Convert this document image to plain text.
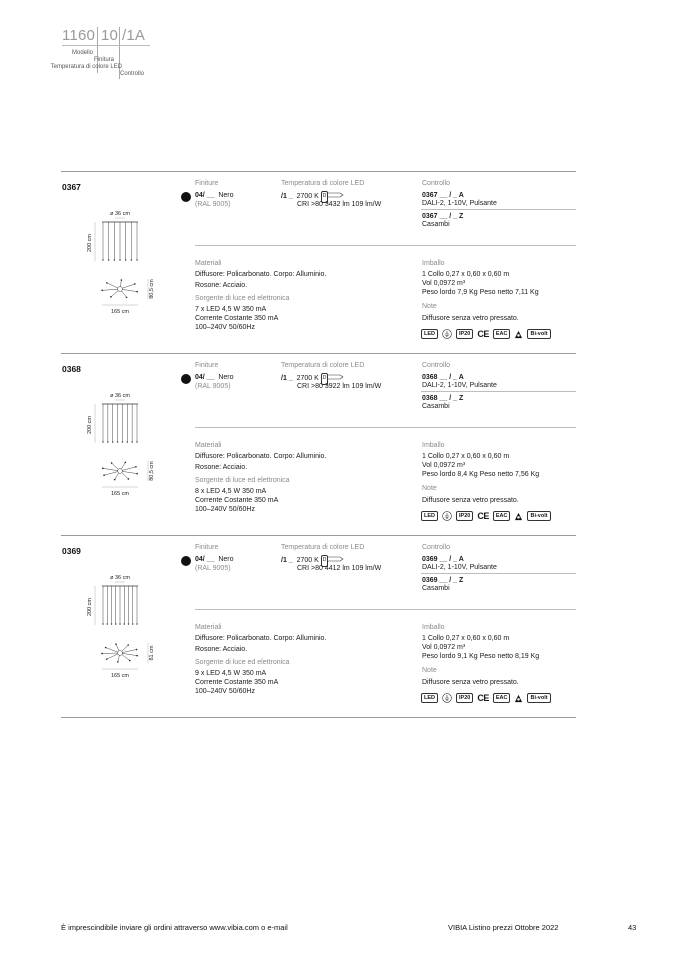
1160 10 /1A
Modello
Finitura
Temperatura di colore LED
Controllo
0367
ø 36 cm
200 cm
80,5 cm
165 cm
Finiture
04/ __ Nero
(RAL 9005)
Temperatura di colore LED
/1 _ 2700 K D
CRI >80 3432 lm 109 lm/W
Controllo
0367 __ / _ A
DALI-2, 1-10V, Pulsante
0367 __ / _ Z
Casambi
Materiali
Diffusore: Policarbonato. Corpo: Alluminio.
Rosone: Acciaio.
Sorgente di luce ed elettronica
7 x LED 4,5 W 350 mA
Corrente Costante 350 mA
100–240V 50/60Hz
Imballo
1 Collo 0,27 x 0,60 x 0,60 m
Vol 0,0972 m³
Peso lordo 7,9 Kg Peso netto 7,11 Kg
Note
Diffusore senza vetro pressato.
LED	IP20 CE	EAC	Bi-volt
0368
ø 36 cm
200 cm
80,5 cm
165 cm
Finiture
04/ __ Nero
(RAL 9005)
Temperatura di colore LED
/1 _ 2700 K D
CRI >80 3922 lm 109 lm/W
Controllo
0368 __ / _ A
DALI-2, 1-10V, Pulsante
0368 __ / _ Z
Casambi
Materiali
Diffusore: Policarbonato. Corpo: Alluminio.
Rosone: Acciaio.
Sorgente di luce ed elettronica
8 x LED 4,5 W 350 mA
Corrente Costante 350 mA
100–240V 50/60Hz
Imballo
1 Collo 0,27 x 0,60 x 0,60 m
Vol 0,0972 m³
Peso lordo 8,4 Kg Peso netto 7,56 Kg
Note
Diffusore senza vetro pressato.
LED	IP20 CE	EAC	Bi-volt
0369
ø 36 cm
200 cm
81 cm
165 cm
Finiture
04/ __ Nero
(RAL 9005)
Temperatura di colore LED
/1 _ 2700 K D
CRI >80 4412 lm 109 lm/W
Controllo
0369 __ / _ A
DALI-2, 1-10V, Pulsante
0369 __ / _ Z
Casambi
Materiali
Diffusore: Policarbonato. Corpo: Alluminio.
Rosone: Acciaio.
Sorgente di luce ed elettronica
9 x LED 4,5 W 350 mA
Corrente Costante 350 mA
100–240V 50/60Hz
Imballo
1 Collo 0,27 x 0,60 x 0,60 m
Vol 0,0972 m³
Peso lordo 9,1 Kg Peso netto 8,19 Kg
Note
Diffusore senza vetro pressato.
LED	IP20 CE	EAC	Bi-volt
È imprescindibile inviare gli ordini attraverso www.vibia.com o e-mail	VIBIA Listino prezzi Ottobre 2022	43
